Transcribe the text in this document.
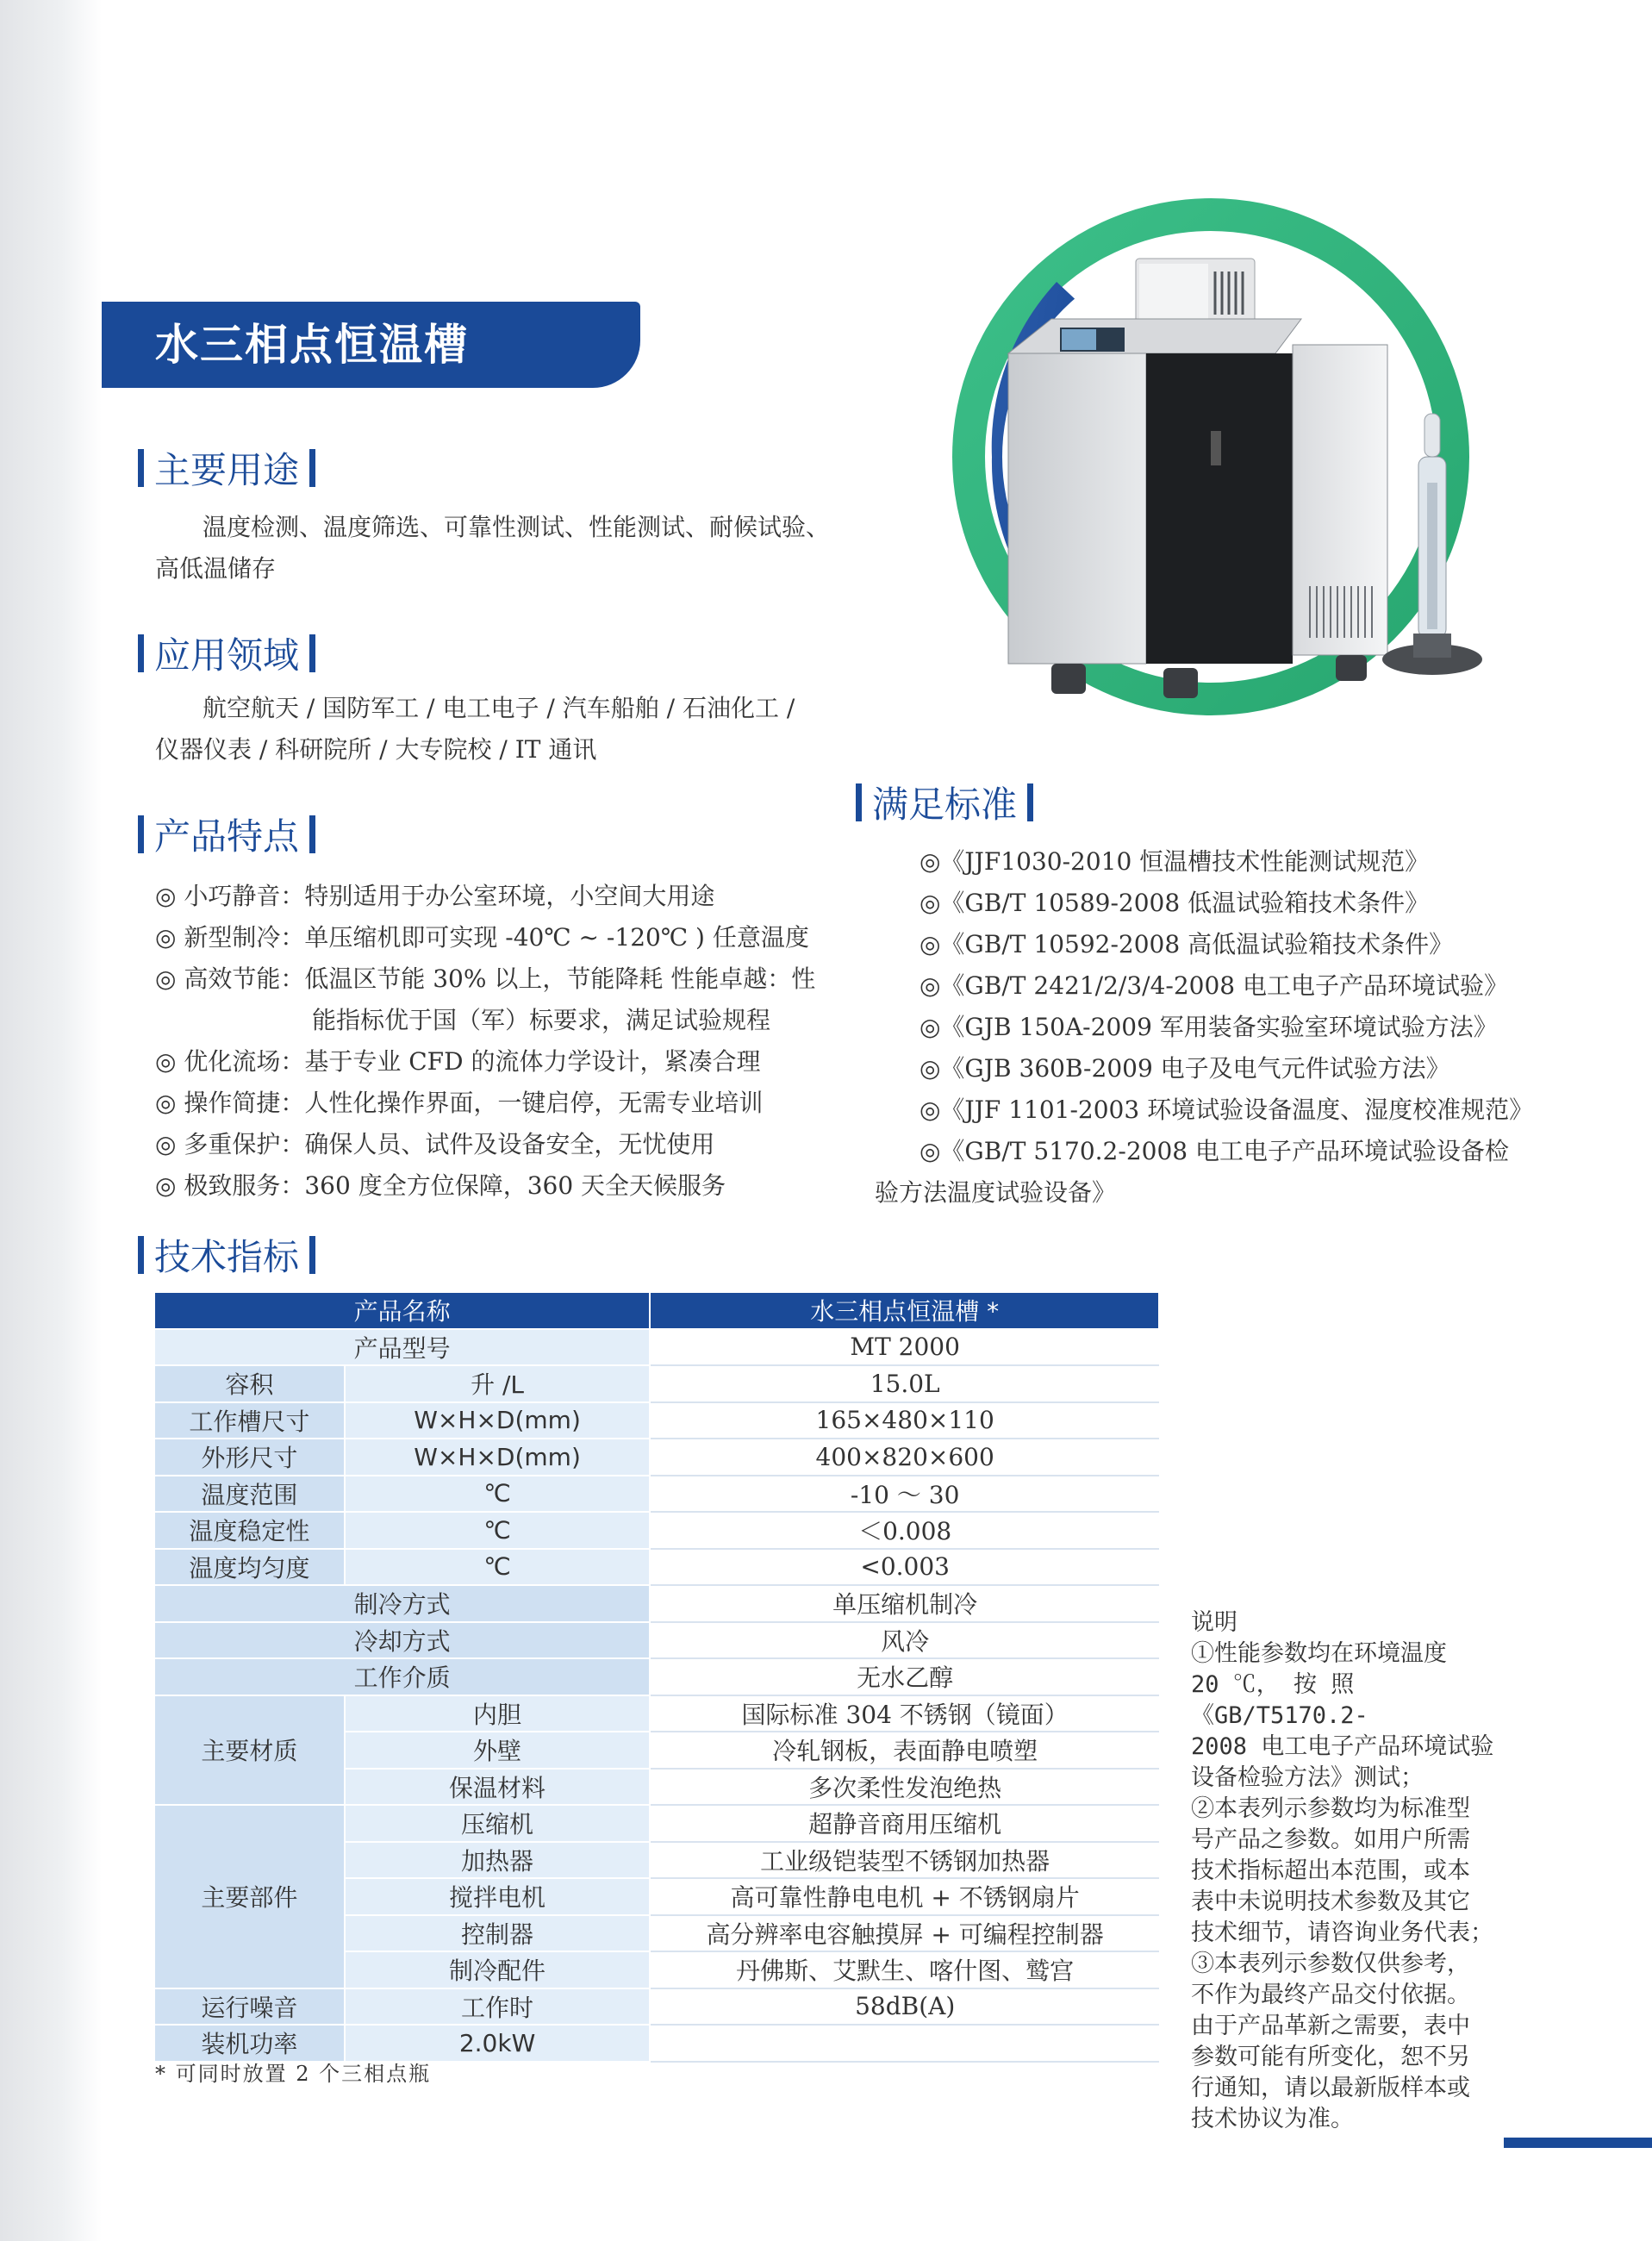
水三相点恒温槽
主要用途
温度检测、温度筛选、可靠性测试、性能测试、耐候试验、
高低温储存
应用领域
航空航天 / 国防军工 / 电工电子 / 汽车船舶 / 石油化工 /
仪器仪表 / 科研院所 / 大专院校 / IT 通讯
产品特点
◎ 小巧静音： 特别适用于办公室环境，小空间大用途
◎ 新型制冷： 单压缩机即可实现 -40℃ ~ -120℃ ) 任意温度
◎ 高效节能： 低温区节能 30% 以上，节能降耗 性能卓越：性
能指标优于国（军）标要求，满足试验规程
◎ 优化流场： 基于专业 CFD 的流体力学设计，紧凑合理
◎ 操作简捷： 人性化操作界面，一键启停，无需专业培训
◎ 多重保护： 确保人员、试件及设备安全，无忧使用
◎ 极致服务： 360 度全方位保障，360 天全天候服务
满足标准
◎《JJF1030-2010 恒温槽技术性能测试规范》
◎《GB/T 10589-2008 低温试验箱技术条件》
◎《GB/T 10592-2008 高低温试验箱技术条件》
◎《GB/T 2421/2/3/4-2008 电工电子产品环境试验》
◎《GJB 150A-2009 军用装备实验室环境试验方法》
◎《GJB 360B-2009 电子及电气元件试验方法》
◎《JJF 1101-2003 环境试验设备温度、湿度校准规范》
◎《GB/T 5170.2-2008 电工电子产品环境试验设备检
验方法温度试验设备》
技术指标
产品名称		水三相点恒温槽 *
产品型号		MT 2000
容积	升 /L	15.0L
工作槽尺寸	W×H×D(mm)	165×480×110
外形尺寸	W×H×D(mm)	400×820×600
温度范围	℃	-10 ～ 30
温度稳定性	℃	＜0.008
温度均匀度	℃	<0.003
制冷方式		单压缩机制冷
冷却方式		风冷
工作介质		无水乙醇
主要材质	内胆	国际标准 304 不锈钢（镜面）
	外壁	冷轧钢板，表面静电喷塑
	保温材料	多次柔性发泡绝热
主要部件	压缩机	超静音商用压缩机
	加热器	工业级铠装型不锈钢加热器
	搅拌电机	高可靠性静电电机 + 不锈钢扇片
	控制器	高分辨率电容触摸屏 + 可编程控制器
	制冷配件	丹佛斯、艾默生、喀什图、鹫宫
运行噪音	工作时	58dB(A)
装机功率	2.0kW	
* 可同时放置 2 个三相点瓶
说明
①性能参数均在环境温度
20 ℃， 按 照《GB/T5170.2-
2008 电工电子产品环境试验
设备检验方法》测试；
②本表列示参数均为标准型
号产品之参数。如用户所需
技术指标超出本范围，或本
表中未说明技术参数及其它
技术细节，请咨询业务代表；
③本表列示参数仅供参考，
不作为最终产品交付依据。
由于产品革新之需要，表中
参数可能有所变化，恕不另
行通知，请以最新版样本或
技术协议为准。
